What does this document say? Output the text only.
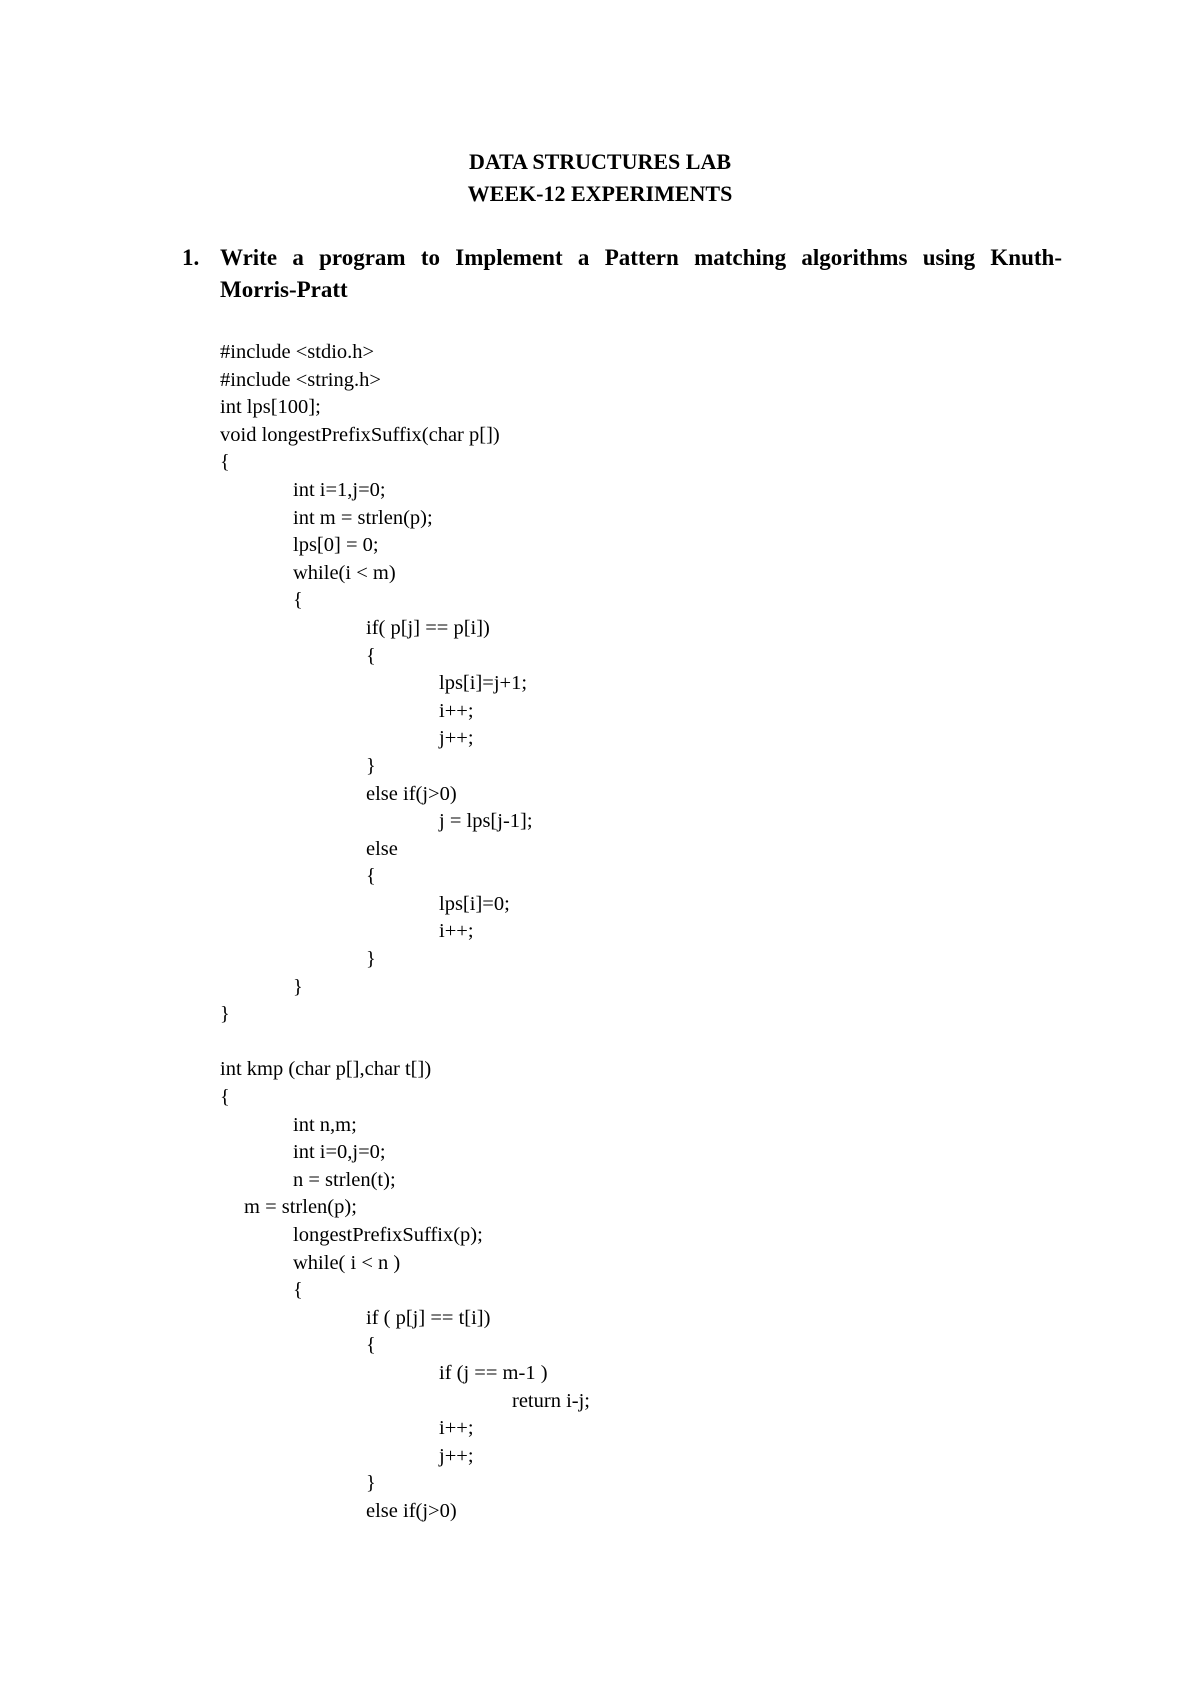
DATA STRUCTURES LAB
WEEK-12 EXPERIMENTS
1. Write a program to Implement a Pattern matching algorithms using Knuth-
Morris-Pratt
#include <stdio.h>
#include <string.h>
int lps[100];
void longestPrefixSuffix(char p[])
{
int i=1,j=0;
int m = strlen(p);
lps[0] = 0;
while(i < m)
{
if( p[j] == p[i])
{
lps[i]=j+1;
i++;
j++;
}
else if(j>0)
j = lps[j-1];
else
{
lps[i]=0;
i++;
}
}
}
int kmp (char p[],char t[])
{
int n,m;
int i=0,j=0;
n = strlen(t);
m = strlen(p);
longestPrefixSuffix(p);
while( i < n )
{
if ( p[j] == t[i])
{
if (j == m-1 )
return i-j;
i++;
j++;
}
else if(j>0)
